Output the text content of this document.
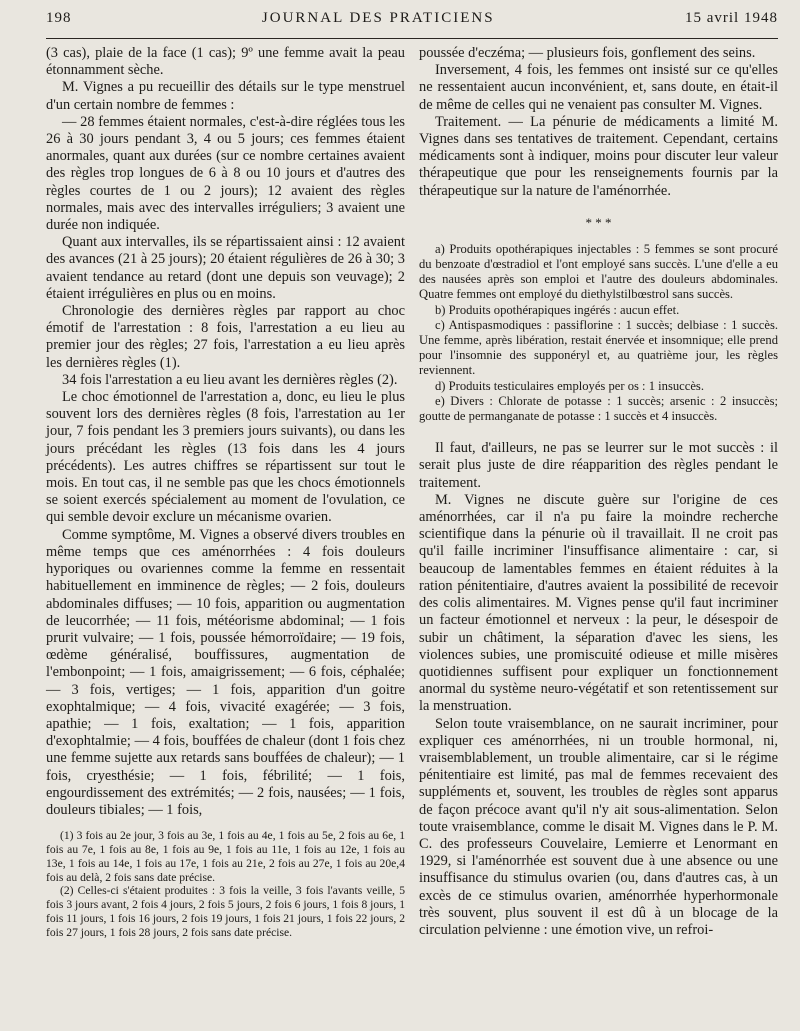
198	JOURNAL DES PRATICIENS	15 avril 1948

(3 cas), plaie de la face (1 cas); 9º une femme avait la peau étonnamment sèche.

M. Vignes a pu recueillir des détails sur le type menstruel d'un certain nombre de femmes :

— 28 femmes étaient normales, c'est-à-dire réglées tous les 26 à 30 jours pendant 3, 4 ou 5 jours; ces femmes étaient anormales, quant aux durées (sur ce nombre certaines avaient des règles trop longues de 6 à 8 ou 10 jours et d'autres des règles courtes de 1 ou 2 jours); 12 avaient des règles normales, mais avec des intervalles irréguliers; 3 avaient une durée non indiquée.

Quant aux intervalles, ils se répartissaient ainsi : 12 avaient des avances (21 à 25 jours); 20 étaient régulières de 26 à 30; 3 avaient tendance au retard (dont une depuis son veuvage); 2 étaient irrégulières en plus ou en moins.

Chronologie des dernières règles par rapport au choc émotif de l'arrestation : 8 fois, l'arrestation a eu lieu au premier jour des règles; 27 fois, l'arrestation a eu lieu après les dernières règles (1).

34 fois l'arrestation a eu lieu avant les dernières règles (2).

Le choc émotionnel de l'arrestation a, donc, eu lieu le plus souvent lors des dernières règles (8 fois, l'arrestation au 1er jour, 7 fois pendant les 3 premiers jours suivants), ou dans les jours précédant les règles (13 fois dans les 4 jours précédents). Les autres chiffres se répartissent sur tout le mois. En tout cas, il ne semble pas que les chocs émotionnels se soient exercés spécialement au moment de l'ovulation, ce qui semble devoir exclure un mécanisme ovarien.

Comme symptôme, M. Vignes a observé divers troubles en même temps que ces aménorrhées : 4 fois douleurs hyporiques ou ovariennes comme la femme en ressentait habituellement en imminence de règles; — 2 fois, douleurs abdominales diffuses; — 10 fois, apparition ou augmentation de leucorrhée; — 11 fois, météorisme abdominal; — 1 fois prurit vulvaire; — 1 fois, poussée hémorroïdaire; — 19 fois, œdème généralisé, bouffissures, augmentation de l'embonpoint; — 1 fois, amaigrissement; — 6 fois, céphalée; — 3 fois, vertiges; — 1 fois, apparition d'un goitre exophtalmique; — 4 fois, vivacité exagérée; — 3 fois, apathie; — 1 fois, exaltation; — 1 fois, apparition d'exophtalmie; — 4 fois, bouffées de chaleur (dont 1 fois chez une femme sujette aux retards sans bouffées de chaleur); — 1 fois, cryesthésie; — 1 fois, fébrilité; — 1 fois, engourdissement des extrémités; — 2 fois, nausées; — 1 fois, douleurs tibiales; — 1 fois,

(1) 3 fois au 2e jour, 3 fois au 3e, 1 fois au 4e, 1 fois au 5e, 2 fois au 6e, 1 fois au 7e, 1 fois au 8e, 1 fois au 9e, 1 fois au 11e, 1 fois au 12e, 1 fois au 13e, 1 fois au 14e, 1 fois au 17e, 1 fois au 21e, 2 fois au 27e, 1 fois au 20e,4 fois au delà, 2 fois sans date précise.

(2) Celles-ci s'étaient produites : 3 fois la veille, 3 fois l'avants veille, 5 fois 3 jours avant, 2 fois 4 jours, 2 fois 5 jours, 2 fois 6 jours, 1 fois 8 jours, 1 fois 11 jours, 1 fois 16 jours, 2 fois 19 jours, 1 fois 21 jours, 1 fois 22 jours, 2 fois 27 jours, 1 fois 28 jours, 2 fois sans date précise.

poussée d'eczéma; — plusieurs fois, gonflement des seins.

Inversement, 4 fois, les femmes ont insisté sur ce qu'elles ne ressentaient aucun inconvénient, et, sans doute, en était-il de même de celles qui ne venaient pas consulter M. Vignes.

Traitement. — La pénurie de médicaments a limité M. Vignes dans ses tentatives de traitement. Cependant, certains médicaments sont à indiquer, moins pour discuter leur valeur thérapeutique que pour les renseignements fournis par la thérapeutique sur la nature de l'aménorrhée.

* * *

a) Produits opothérapiques injectables : 5 femmes se sont procuré du benzoate d'œstradiol et l'ont employé sans succès. L'une d'elle a eu des nausées après son emploi et l'autre des douleurs abdominales. Quatre femmes ont employé du diethylstilbœstrol sans succès.

b) Produits opothérapiques ingérés : aucun effet.

c) Antispasmodiques : passiflorine : 1 succès; delbiase : 1 succès. Une femme, après libération, restait énervée et insomnique; elle prend pour l'insomnie des supponéryl et, au quatrième jour, les règles reviennent.

d) Produits testiculaires employés per os : 1 insuccès.

e) Divers : Chlorate de potasse : 1 succès; arsenic : 2 insuccès; goutte de permanganate de potasse : 1 succès et 4 insuccès.

Il faut, d'ailleurs, ne pas se leurrer sur le mot succès : il serait plus juste de dire réapparition des règles pendant le traitement.

M. Vignes ne discute guère sur l'origine de ces aménorrhées, car il n'a pu faire la moindre recherche scientifique dans la pénurie où il travaillait. Il ne croit pas qu'il faille incriminer l'insuffisance alimentaire : car, si beaucoup de lamentables femmes en étaient réduites à la ration pénitentiaire, d'autres avaient la possibilité de recevoir des colis alimentaires. M. Vignes pense qu'il faut incriminer un facteur émotionnel et nerveux : la peur, le désespoir de subir un châtiment, la séparation d'avec les siens, les violences subies, une promiscuité odieuse et mille misères quotidiennes suffisent pour expliquer un fonctionnement anormal du système neuro-végétatif et son retentissement sur la menstruation.

Selon toute vraisemblance, on ne saurait incriminer, pour expliquer ces aménorrhées, ni un trouble hormonal, ni, vraisemblablement, un trouble alimentaire, car si le régime pénitentiaire est limité, pas mal de femmes recevaient des suppléments et, souvent, les troubles de règles sont apparus de façon précoce avant qu'il n'y ait sous-alimentation. Selon toute vraisemblance, comme le disait M. Vignes dans le P. M. C. des professeurs Couvelaire, Lemierre et Lenormant en 1929, si l'aménorrhée est souvent due à une absence ou une insuffisance du stimulus ovarien (ou, dans d'autres cas, à un excès de ce stimulus ovarien, aménorrhée hyperhormonale très souvent, plus souvent il est dû à un blocage de la circulation pelvienne : une émotion vive, un refroi-
